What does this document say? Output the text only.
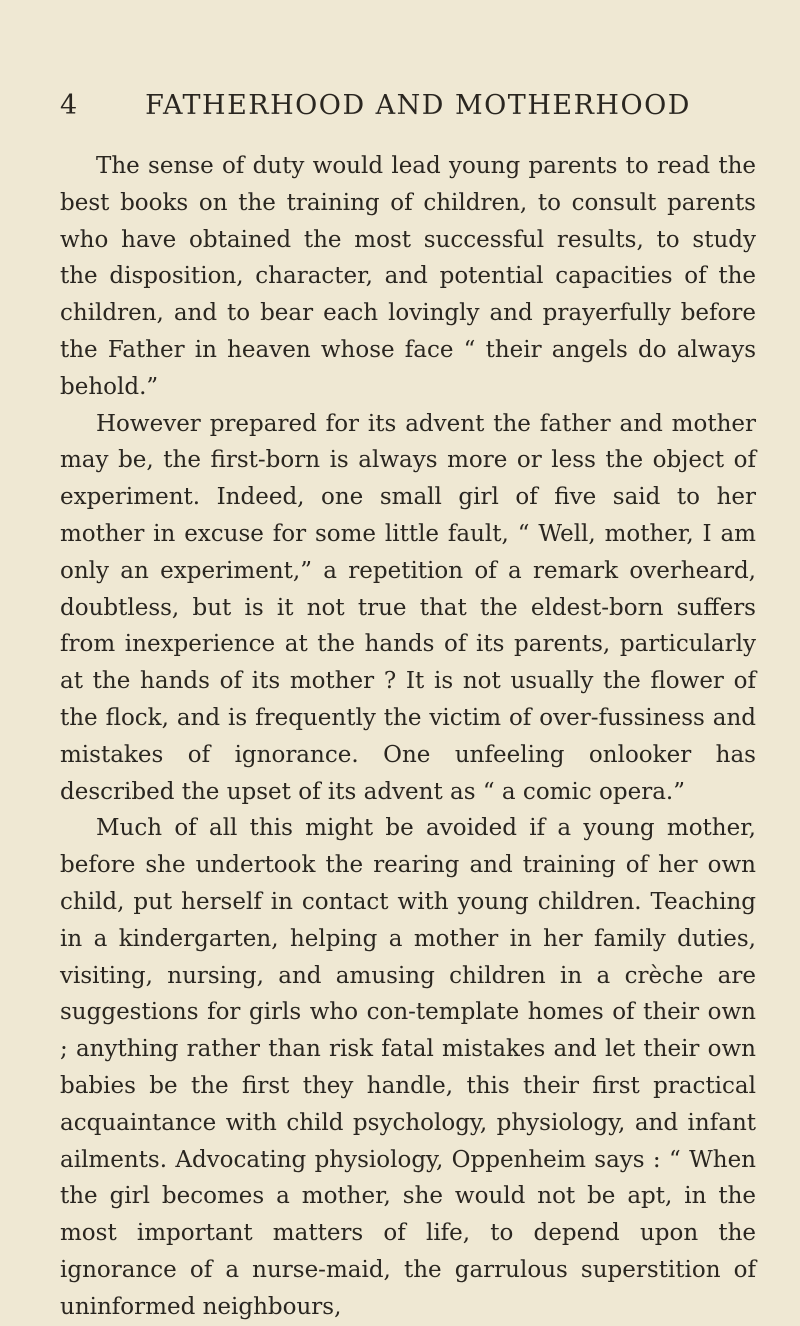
4	FATHERHOOD AND MOTHERHOOD

The sense of duty would lead young parents to read the best books on the training of children, to consult parents who have obtained the most successful results, to study the disposition, character, and potential capacities of the children, and to bear each lovingly and prayerfully before the Father in heaven whose face “ their angels do always behold.”

However prepared for its advent the father and mother may be, the first-born is always more or less the object of experiment. Indeed, one small girl of five said to her mother in excuse for some little fault, “ Well, mother, I am only an experiment,” a repetition of a remark overheard, doubtless, but is it not true that the eldest-born suffers from inexperience at the hands of its parents, particularly at the hands of its mother ? It is not usually the flower of the flock, and is frequently the victim of over-fussiness and mistakes of ignorance. One unfeeling onlooker has described the upset of its advent as “ a comic opera.”

Much of all this might be avoided if a young mother, before she undertook the rearing and training of her own child, put herself in contact with young children. Teaching in a kindergarten, helping a mother in her family duties, visiting, nursing, and amusing children in a crèche are suggestions for girls who con-template homes of their own ; anything rather than risk fatal mistakes and let their own babies be the first they handle, this their first practical acquaintance with child psychology, physiology, and infant ailments. Advocating physiology, Oppenheim says : “ When the girl becomes a mother, she would not be apt, in the most important matters of life, to depend upon the ignorance of a nurse-maid, the garrulous superstition of uninformed neighbours,
